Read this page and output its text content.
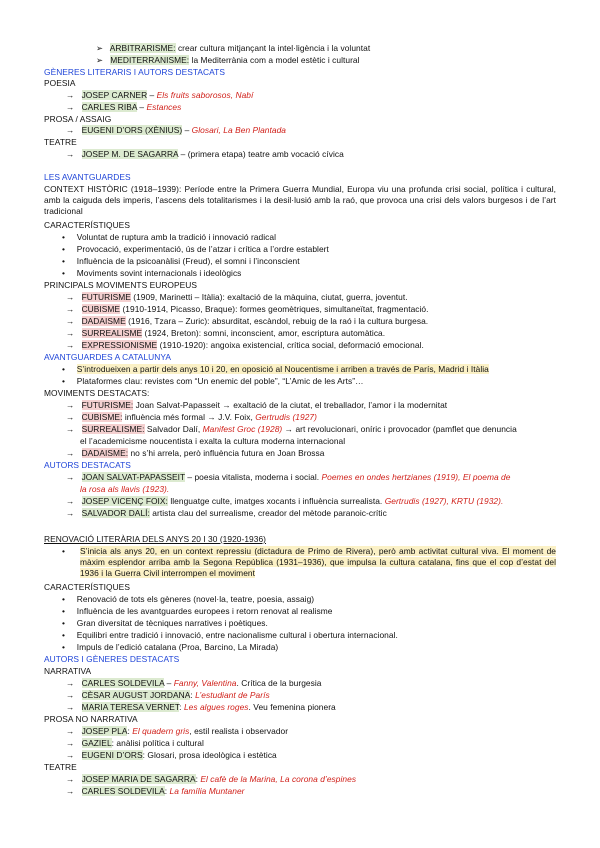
➢ ARBITRARISME: crear cultura mitjançant la intel·ligència i la voluntat
➢ MEDITERRANISME: la Mediterrània com a model estètic i cultural
GÈNERES LITERARIS I AUTORS DESTACATS
POESIA
→   JOSEP CARNER – Els fruits saborosos, Nabí
→   CARLES RIBA – Estances
PROSA / ASSAIG
→   EUGENI D’ORS (XÈNIUS) – Glosari, La Ben Plantada
TEATRE
→   JOSEP M. DE SAGARRA – (primera etapa) teatre amb vocació cívica
LES AVANTGUARDES
CONTEXT HISTÒRIC (1918–1939): Període entre la Primera Guerra Mundial, Europa viu una profunda crisi social, política i cultural, amb la caiguda dels imperis, l’ascens dels totalitarismes i la desil·lusió amb la raó, que provoca una crisi dels valors burgesos i de l’art tradicional
CARACTERÍSTIQUES
• Voluntat de ruptura amb la tradició i innovació radical
• Provocació, experimentació, ús de l’atzar i crítica a l’ordre establert
• Influència de la psicoanàlisi (Freud), el somni i l’inconscient
• Moviments sovint internacionals i ideològics
PRINCIPALS MOVIMENTS EUROPEUS
→   FUTURISME (1909, Marinetti – Itàlia): exaltació de la màquina, ciutat, guerra, joventut.
→   CUBISME (1910-1914, Picasso, Braque): formes geomètriques, simultaneïtat, fragmentació.
→   DADAISME (1916, Tzara – Zuric): absurditat, escàndol, rebuig de la raó i la cultura burgesa.
→   SURREALISME (1924, Breton): somni, inconscient, amor, escriptura automàtica.
→   EXPRESSIONISME (1910-1920): angoixa existencial, crítica social, deformació emocional.
AVANTGUARDES A CATALUNYA
• S’introdueixen a partir dels anys 10 i 20, en oposició al Noucentisme i arriben a través de París, Madrid i Itàlia
• Plataformes clau: revistes com “Un enemic del poble”, “L’Amic de les Arts”…
MOVIMENTS DESTACATS:
→   FUTURISME: Joan Salvat-Papasseit → exaltació de la ciutat, el treballador, l’amor i la modernitat
→   CUBISME: influència més formal → J.V. Foix, Gertrudis (1927)
→   SURREALISME: Salvador Dalí, Manifest Groc (1928) → art revolucionari, oníric i provocador (pamflet que denuncia
el l’academicisme noucentista i exalta la cultura moderna internacional
→   DADAISME: no s’hi arrela, però influència futura en Joan Brossa
AUTORS DESTACATS
→   JOAN SALVAT-PAPASSEIT – poesia vitalista, moderna i social. Poemes en ondes hertzianes (1919), El poema de
la rosa als llavis (1923).
→   JOSEP VICENÇ FOIX: llenguatge culte, imatges xocants i influència surrealista. Gertrudis (1927), KRTU (1932).
→   SALVADOR DALÍ: artista clau del surrealisme, creador del mètode paranoic-crític
RENOVACIÓ LITERÀRIA DELS ANYS 20 I 30 (1920-1936)
• S’inicia als anys 20, en un context repressiu (dictadura de Primo de Rivera), però amb activitat cultural viva. El moment de màxim esplendor arriba amb la Segona República (1931–1936), que impulsa la cultura catalana, fins que el cop d’estat del 1936 i la Guerra Civil interrompen el moviment
CARACTERÍSTIQUES
• Renovació de tots els gèneres (novel·la, teatre, poesia, assaig)
• Influència de les avantguardes europees i retorn renovat al realisme
• Gran diversitat de tècniques narratives i poètiques.
• Equilibri entre tradició i innovació, entre nacionalisme cultural i obertura internacional.
• Impuls de l’edició catalana (Proa, Barcino, La Mirada)
AUTORS I GÈNERES DESTACATS
NARRATIVA
→   CARLES SOLDEVILA – Fanny, Valentina. Crítica de la burgesia
→   CÈSAR AUGUST JORDANA: L’estudiant de París
→   MARIA TERESA VERNET: Les algues roges. Veu femenina pionera
PROSA NO NARRATIVA
→   JOSEP PLA: El quadern gris, estil realista i observador
→   GAZIEL: anàlisi política i cultural
→   EUGENI D’ORS: Glosari, prosa ideològica i estètica
TEATRE
→   JOSEP MARIA DE SAGARRA: El cafè de la Marina, La corona d’espines
→   CARLES SOLDEVILA: La família Muntaner
